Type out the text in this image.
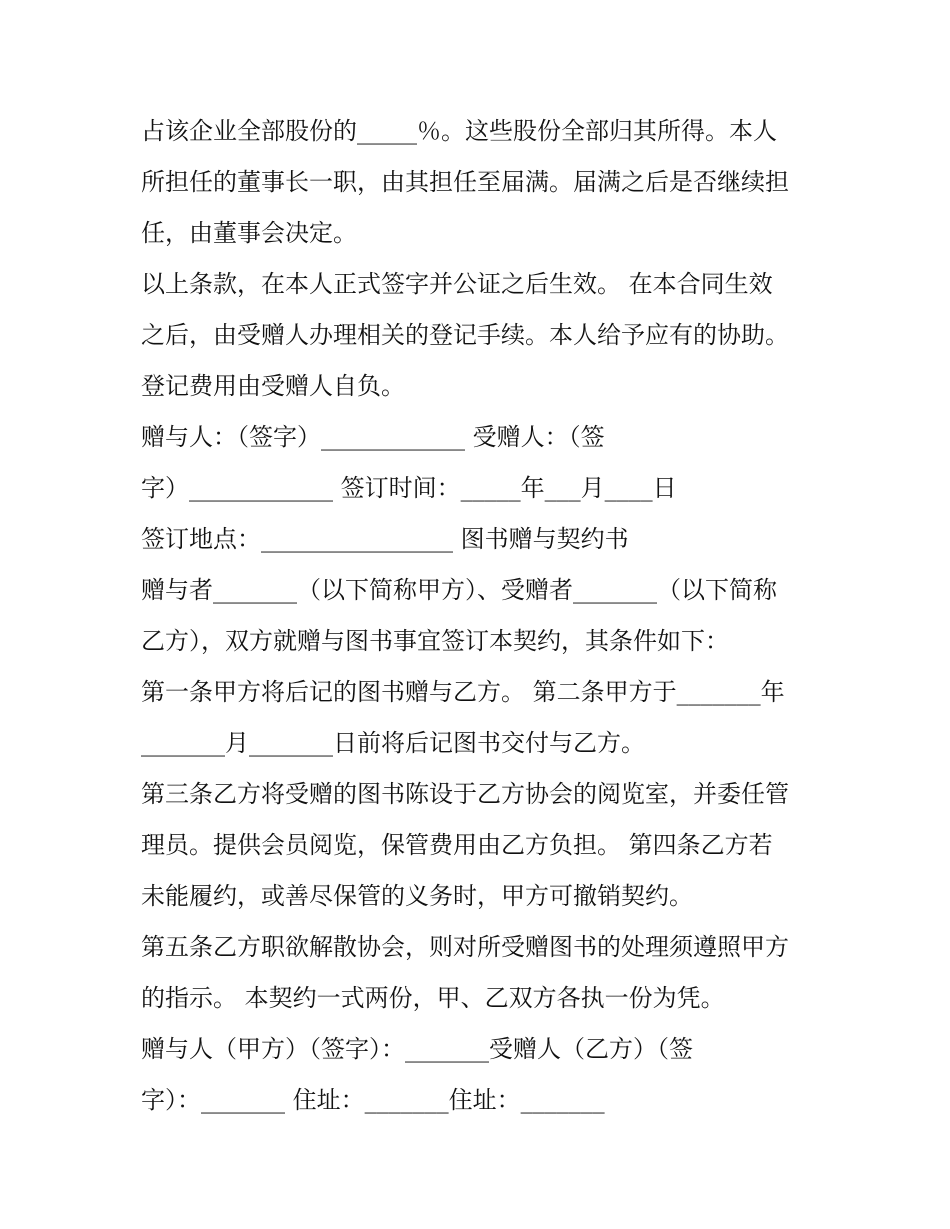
占该企业全部股份的_____％。这些股份全部归其所得。本人
所担任的董事长一职，由其担任至届满。届满之后是否继续担
任，由董事会决定。
以上条款，在本人正式签字并公证之后生效。 在本合同生效
之后，由受赠人办理相关的登记手续。本人给予应有的协助。
登记费用由受赠人自负。
赠与人：（签字）____________ 受赠人：（签
字）____________ 签订时间：_____年___月____日
签订地点：________________ 图书赠与契约书
赠与者_______（以下简称甲方）、受赠者_______（以下简称
乙方），双方就赠与图书事宜签订本契约，其条件如下：
第一条甲方将后记的图书赠与乙方。 第二条甲方于_______年
_______月_______日前将后记图书交付与乙方。
第三条乙方将受赠的图书陈设于乙方协会的阅览室，并委任管
理员。提供会员阅览，保管费用由乙方负担。 第四条乙方若
未能履约，或善尽保管的义务时，甲方可撤销契约。
第五条乙方职欲解散协会，则对所受赠图书的处理须遵照甲方
的指示。 本契约一式两份，甲、乙双方各执一份为凭。
赠与人（甲方）（签字）：_______受赠人（乙方）（签
字）：_______ 住址：_______住址：_______
